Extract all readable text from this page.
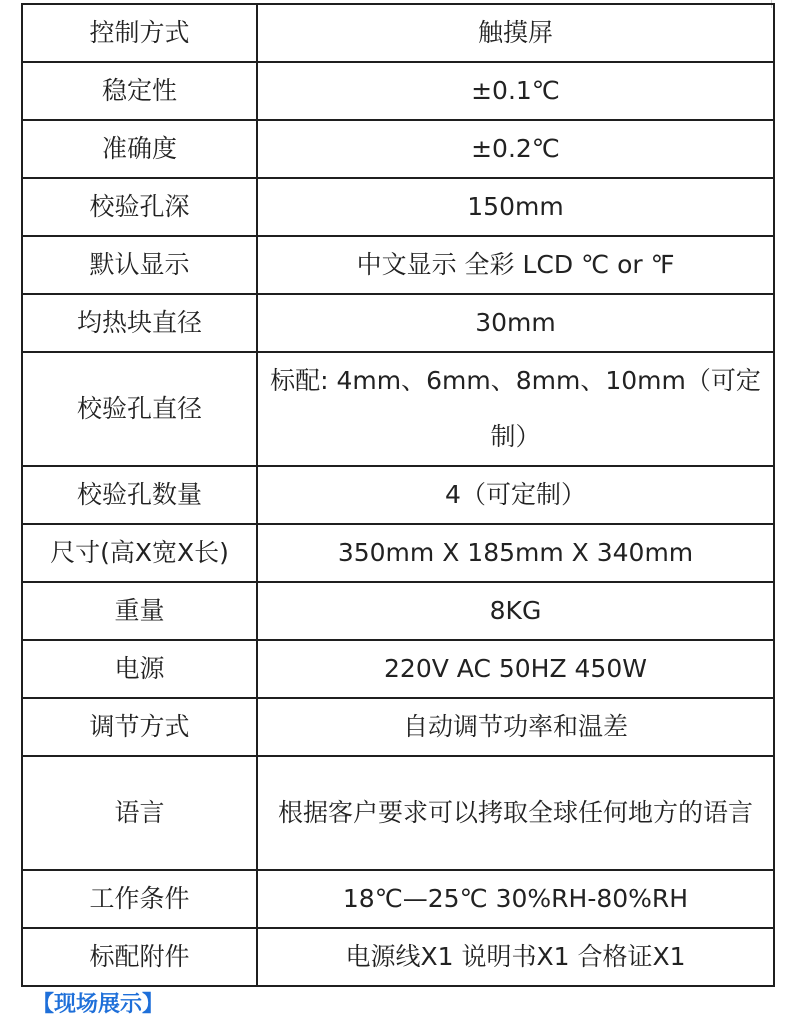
控制方式	触摸屏
稳定性	±0.1℃
准确度	±0.2℃
校验孔深	150mm
默认显示	中文显示 全彩 LCD ℃ or ℉
均热块直径	30mm
校验孔直径	标配: 4mm、6mm、8mm、10mm（可定制）
校验孔数量	4（可定制）
尺寸(高X宽X长)	350mm X 185mm X 340mm
重量	8KG
电源	220V AC 50HZ 450W
调节方式	自动调节功率和温差
语言	根据客户要求可以拷取全球任何地方的语言
工作条件	18℃—25℃ 30%RH-80%RH
标配附件	电源线X1 说明书X1 合格证X1
【现场展示】
